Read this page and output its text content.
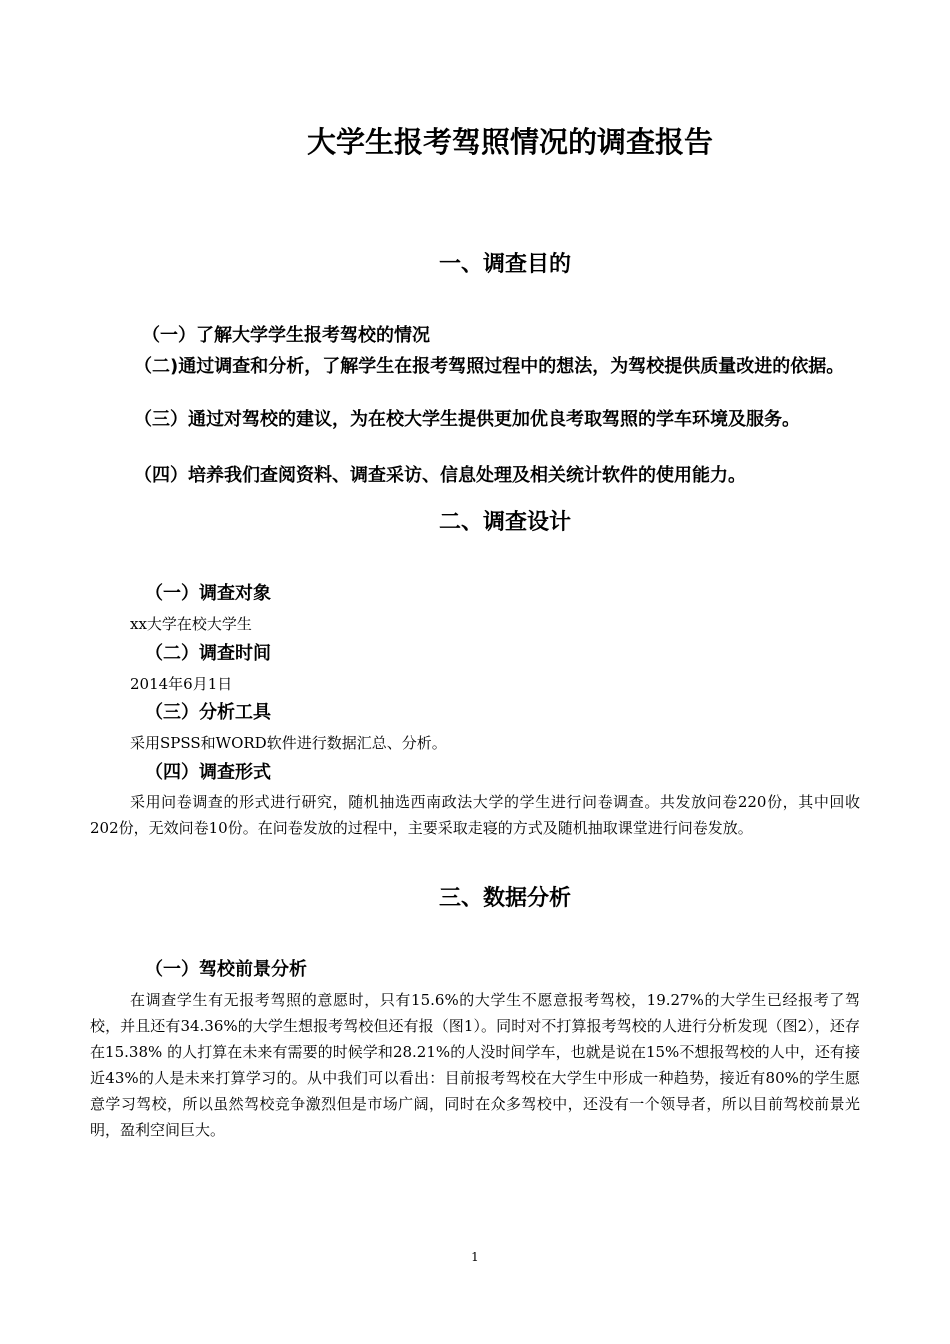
大学生报考驾照情况的调查报告
一、调查目的
（一）了解大学学生报考驾校的情况
（二)通过调查和分析，了解学生在报考驾照过程中的想法，为驾校提供质量改进的依据。
（三）通过对驾校的建议，为在校大学生提供更加优良考取驾照的学车环境及服务。
（四）培养我们查阅资料、调查采访、信息处理及相关统计软件的使用能力。
二、调查设计
（一）调查对象
xx大学在校大学生
（二）调查时间
2014年6月1日
（三）分析工具
采用SPSS和WORD软件进行数据汇总、分析。
（四）调查形式
采用问卷调查的形式进行研究，随机抽选西南政法大学的学生进行问卷调查。共发放问卷220份，其中回收202份，无效问卷10份。在问卷发放的过程中，主要采取走寝的方式及随机抽取课堂进行问卷发放。
三、数据分析
（一）驾校前景分析
在调查学生有无报考驾照的意愿时，只有15.6%的大学生不愿意报考驾校，19.27%的大学生已经报考了驾校，并且还有34.36%的大学生想报考驾校但还有报（图1）。同时对不打算报考驾校的人进行分析发现（图2），还存在15.38% 的人打算在未来有需要的时候学和28.21%的人没时间学车，也就是说在15%不想报驾校的人中，还有接近43%的人是未来打算学习的。从中我们可以看出：目前报考驾校在大学生中形成一种趋势，接近有80%的学生愿意学习驾校，所以虽然驾校竞争激烈但是市场广阔，同时在众多驾校中，还没有一个领导者，所以目前驾校前景光明，盈利空间巨大。
1
